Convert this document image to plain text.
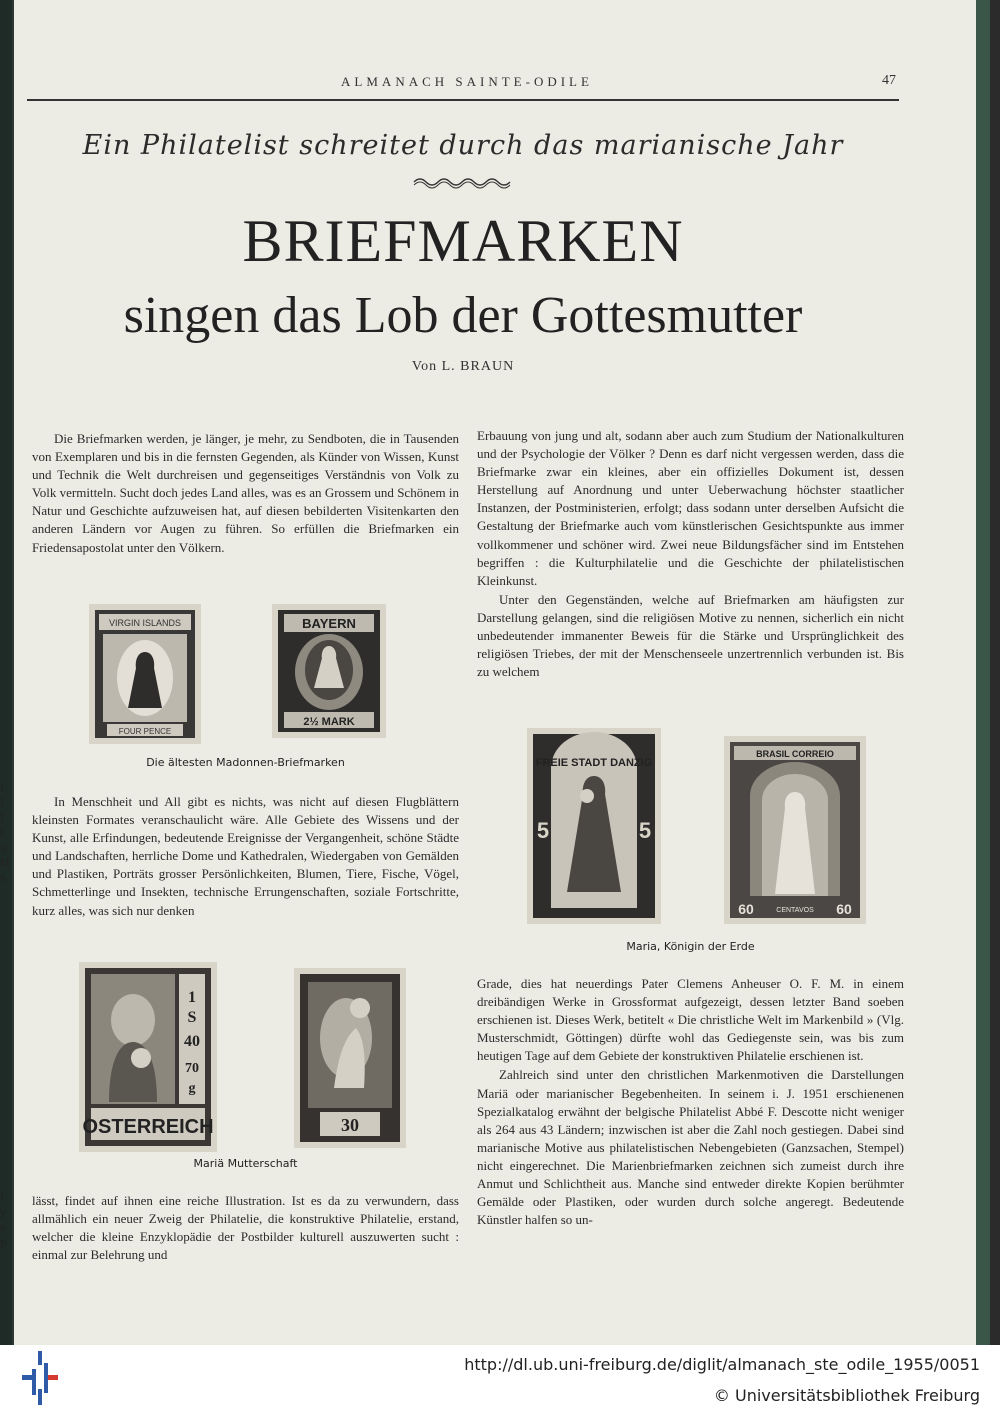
ALMANACH SAINTE-ODILE	47
Ein Philatelist schreitet durch das marianische Jahr
BRIEFMARKEN
singen das Lob der Gottesmutter
Von L. BRAUN

Die Briefmarken werden, je länger, je mehr, zu Sendboten, die in Tausenden von Exemplaren und bis in die fernsten Gegenden, als Künder von Wissen, Kunst und Technik die Welt durchreisen und gegenseitiges Verständnis von Volk zu Volk vermitteln. Sucht doch jedes Land alles, was es an Grossem und Schönem in Natur und Geschichte aufzuweisen hat, auf diesen bebilderten Visitenkarten den anderen Ländern vor Augen zu führen. So erfüllen die Briefmarken ein Friedensapostolat unter den Völkern.

VIRGIN ISLANDS
FOUR PENCE
BAYERN
2½ MARK
Die ältesten Madonnen-Briefmarken

In Menschheit und All gibt es nichts, was nicht auf diesen Flugblättern kleinsten Formates veranschaulicht wäre. Alle Gebiete des Wissens und der Kunst, alle Erfindungen, bedeutende Ereignisse der Vergangenheit, schöne Städte und Landschaften, herrliche Dome und Kathedralen, Wiedergaben von Gemälden und Plastiken, Porträts grosser Persönlichkeiten, Blumen, Tiere, Fische, Vögel, Schmetterlinge und Insekten, technische Errungenschaften, soziale Fortschritte, kurz alles, was sich nur denken

1
S
40
70
g
OSTERREICH	30
Mariä Mutterschaft

lässt, findet auf ihnen eine reiche Illustration. Ist es da zu verwundern, dass allmählich ein neuer Zweig der Philatelie, die konstruktive Philatelie, erstand, welcher die kleine Enzyklopädie der Postbilder kulturell auszuwerten sucht : einmal zur Belehrung und

Erbauung von jung und alt, sodann aber auch zum Studium der Nationalkulturen und der Psychologie der Völker ? Denn es darf nicht vergessen werden, dass die Briefmarke zwar ein kleines, aber ein offizielles Dokument ist, dessen Herstellung auf Anordnung und unter Ueberwachung höchster staatlicher Instanzen, der Postministerien, erfolgt; dass sodann unter derselben Aufsicht die Gestaltung der Briefmarke auch vom künstlerischen Gesichtspunkte aus immer vollkommener und schöner wird. Zwei neue Bildungsfächer sind im Entstehen begriffen : die Kulturphilatelie und die Geschichte der philatelistischen Kleinkunst.

Unter den Gegenständen, welche auf Briefmarken am häufigsten zur Darstellung gelangen, sind die religiösen Motive zu nennen, sicherlich ein nicht unbedeutender immanenter Beweis für die Stärke und Ursprünglichkeit des religiösen Triebes, der mit der Menschenseele unzertrennlich verbunden ist. Bis zu welchem

FREIE STADT DANZIG
5	5
BRASIL CORREIO
60	CENTAVOS 60
Maria, Königin der Erde

Grade, dies hat neuerdings Pater Clemens Anheuser O. F. M. in einem dreibändigen Werke in Grossformat aufgezeigt, dessen letzter Band soeben erschienen ist. Dieses Werk, betitelt « Die christliche Welt im Markenbild » (Vlg. Musterschmidt, Göttingen) dürfte wohl das Gediegenste sein, was bis zum heutigen Tage auf dem Gebiete der konstruktiven Philatelie erschienen ist.

Zahlreich sind unter den christlichen Markenmotiven die Darstellungen Mariä oder marianischer Begebenheiten. In seinem i. J. 1951 erschienenen Spezialkatalog erwähnt der belgische Philatelist Abbé F. Descotte nicht weniger als 264 aus 43 Ländern; inzwischen ist aber die Zahl noch gestiegen. Dabei sind marianische Motive aus philatelistischen Nebengebieten (Ganzsachen, Stempel) nicht eingerechnet. Die Marienbriefmarken zeichnen sich zumeist durch ihre Anmut und Schlichtheit aus. Manche sind entweder direkte Kopien berühmter Gemälde oder Plastiken, oder wurden durch solche angeregt. Bedeutende Künstler halfen so un-

I
I
I
I
u
H
s
I
y
s
p
http://dl.ub.uni-freiburg.de/diglit/almanach_ste_odile_1955/0051
© Universitätsbibliothek Freiburg
